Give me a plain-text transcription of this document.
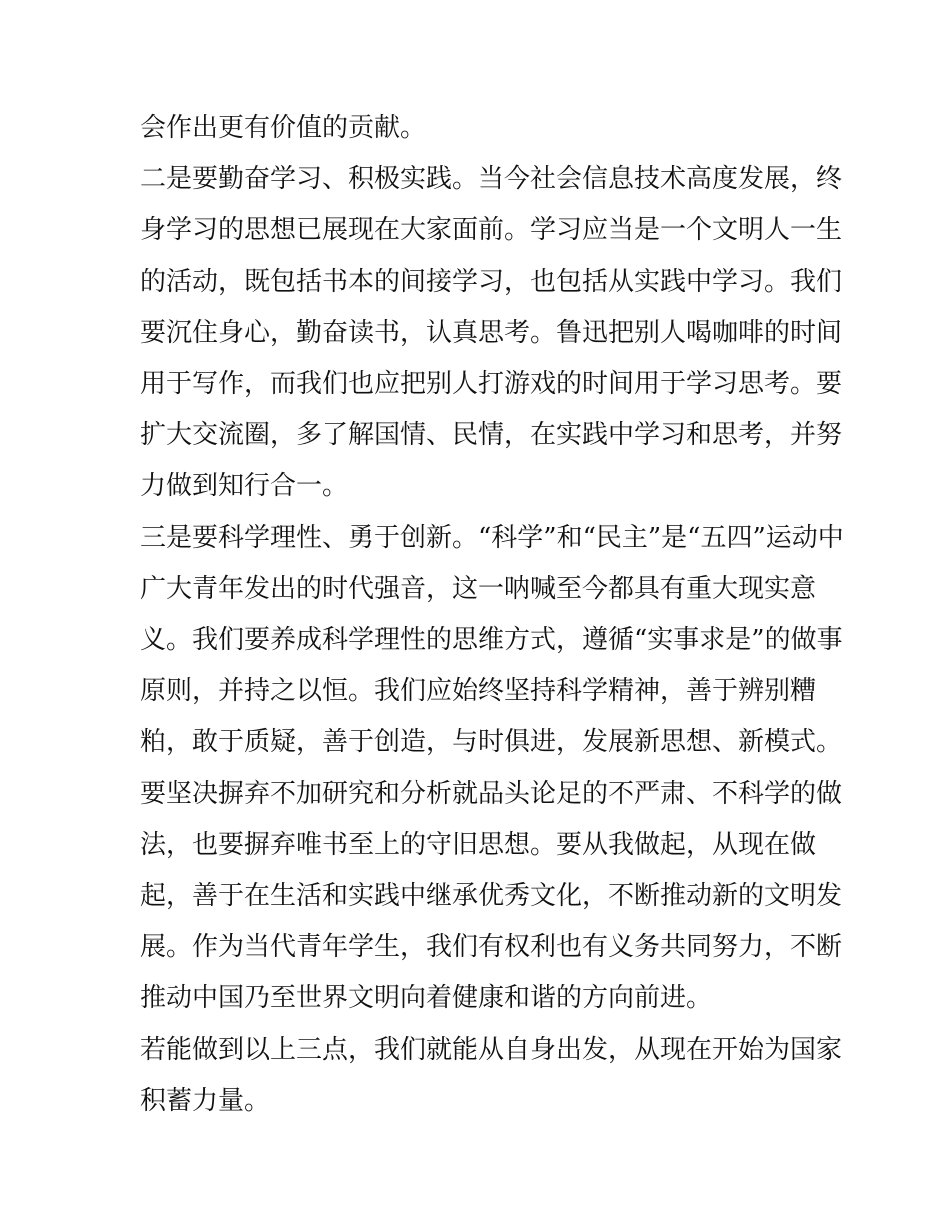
会作出更有价值的贡献。
二是要勤奋学习、积极实践。当今社会信息技术高度发展，终
身学习的思想已展现在大家面前。学习应当是一个文明人一生
的活动，既包括书本的间接学习，也包括从实践中学习。我们
要沉住身心，勤奋读书，认真思考。鲁迅把别人喝咖啡的时间
用于写作，而我们也应把别人打游戏的时间用于学习思考。要
扩大交流圈，多了解国情、民情，在实践中学习和思考，并努
力做到知行合一。
三是要科学理性、勇于创新。“科学”和“民主”是“五四”运动中
广大青年发出的时代强音，这一呐喊至今都具有重大现实意
义。我们要养成科学理性的思维方式，遵循“实事求是”的做事
原则，并持之以恒。我们应始终坚持科学精神，善于辨别糟
粕，敢于质疑，善于创造，与时俱进，发展新思想、新模式。
要坚决摒弃不加研究和分析就品头论足的不严肃、不科学的做
法，也要摒弃唯书至上的守旧思想。要从我做起，从现在做
起，善于在生活和实践中继承优秀文化，不断推动新的文明发
展。作为当代青年学生，我们有权利也有义务共同努力，不断
推动中国乃至世界文明向着健康和谐的方向前进。
若能做到以上三点，我们就能从自身出发，从现在开始为国家
积蓄力量。
